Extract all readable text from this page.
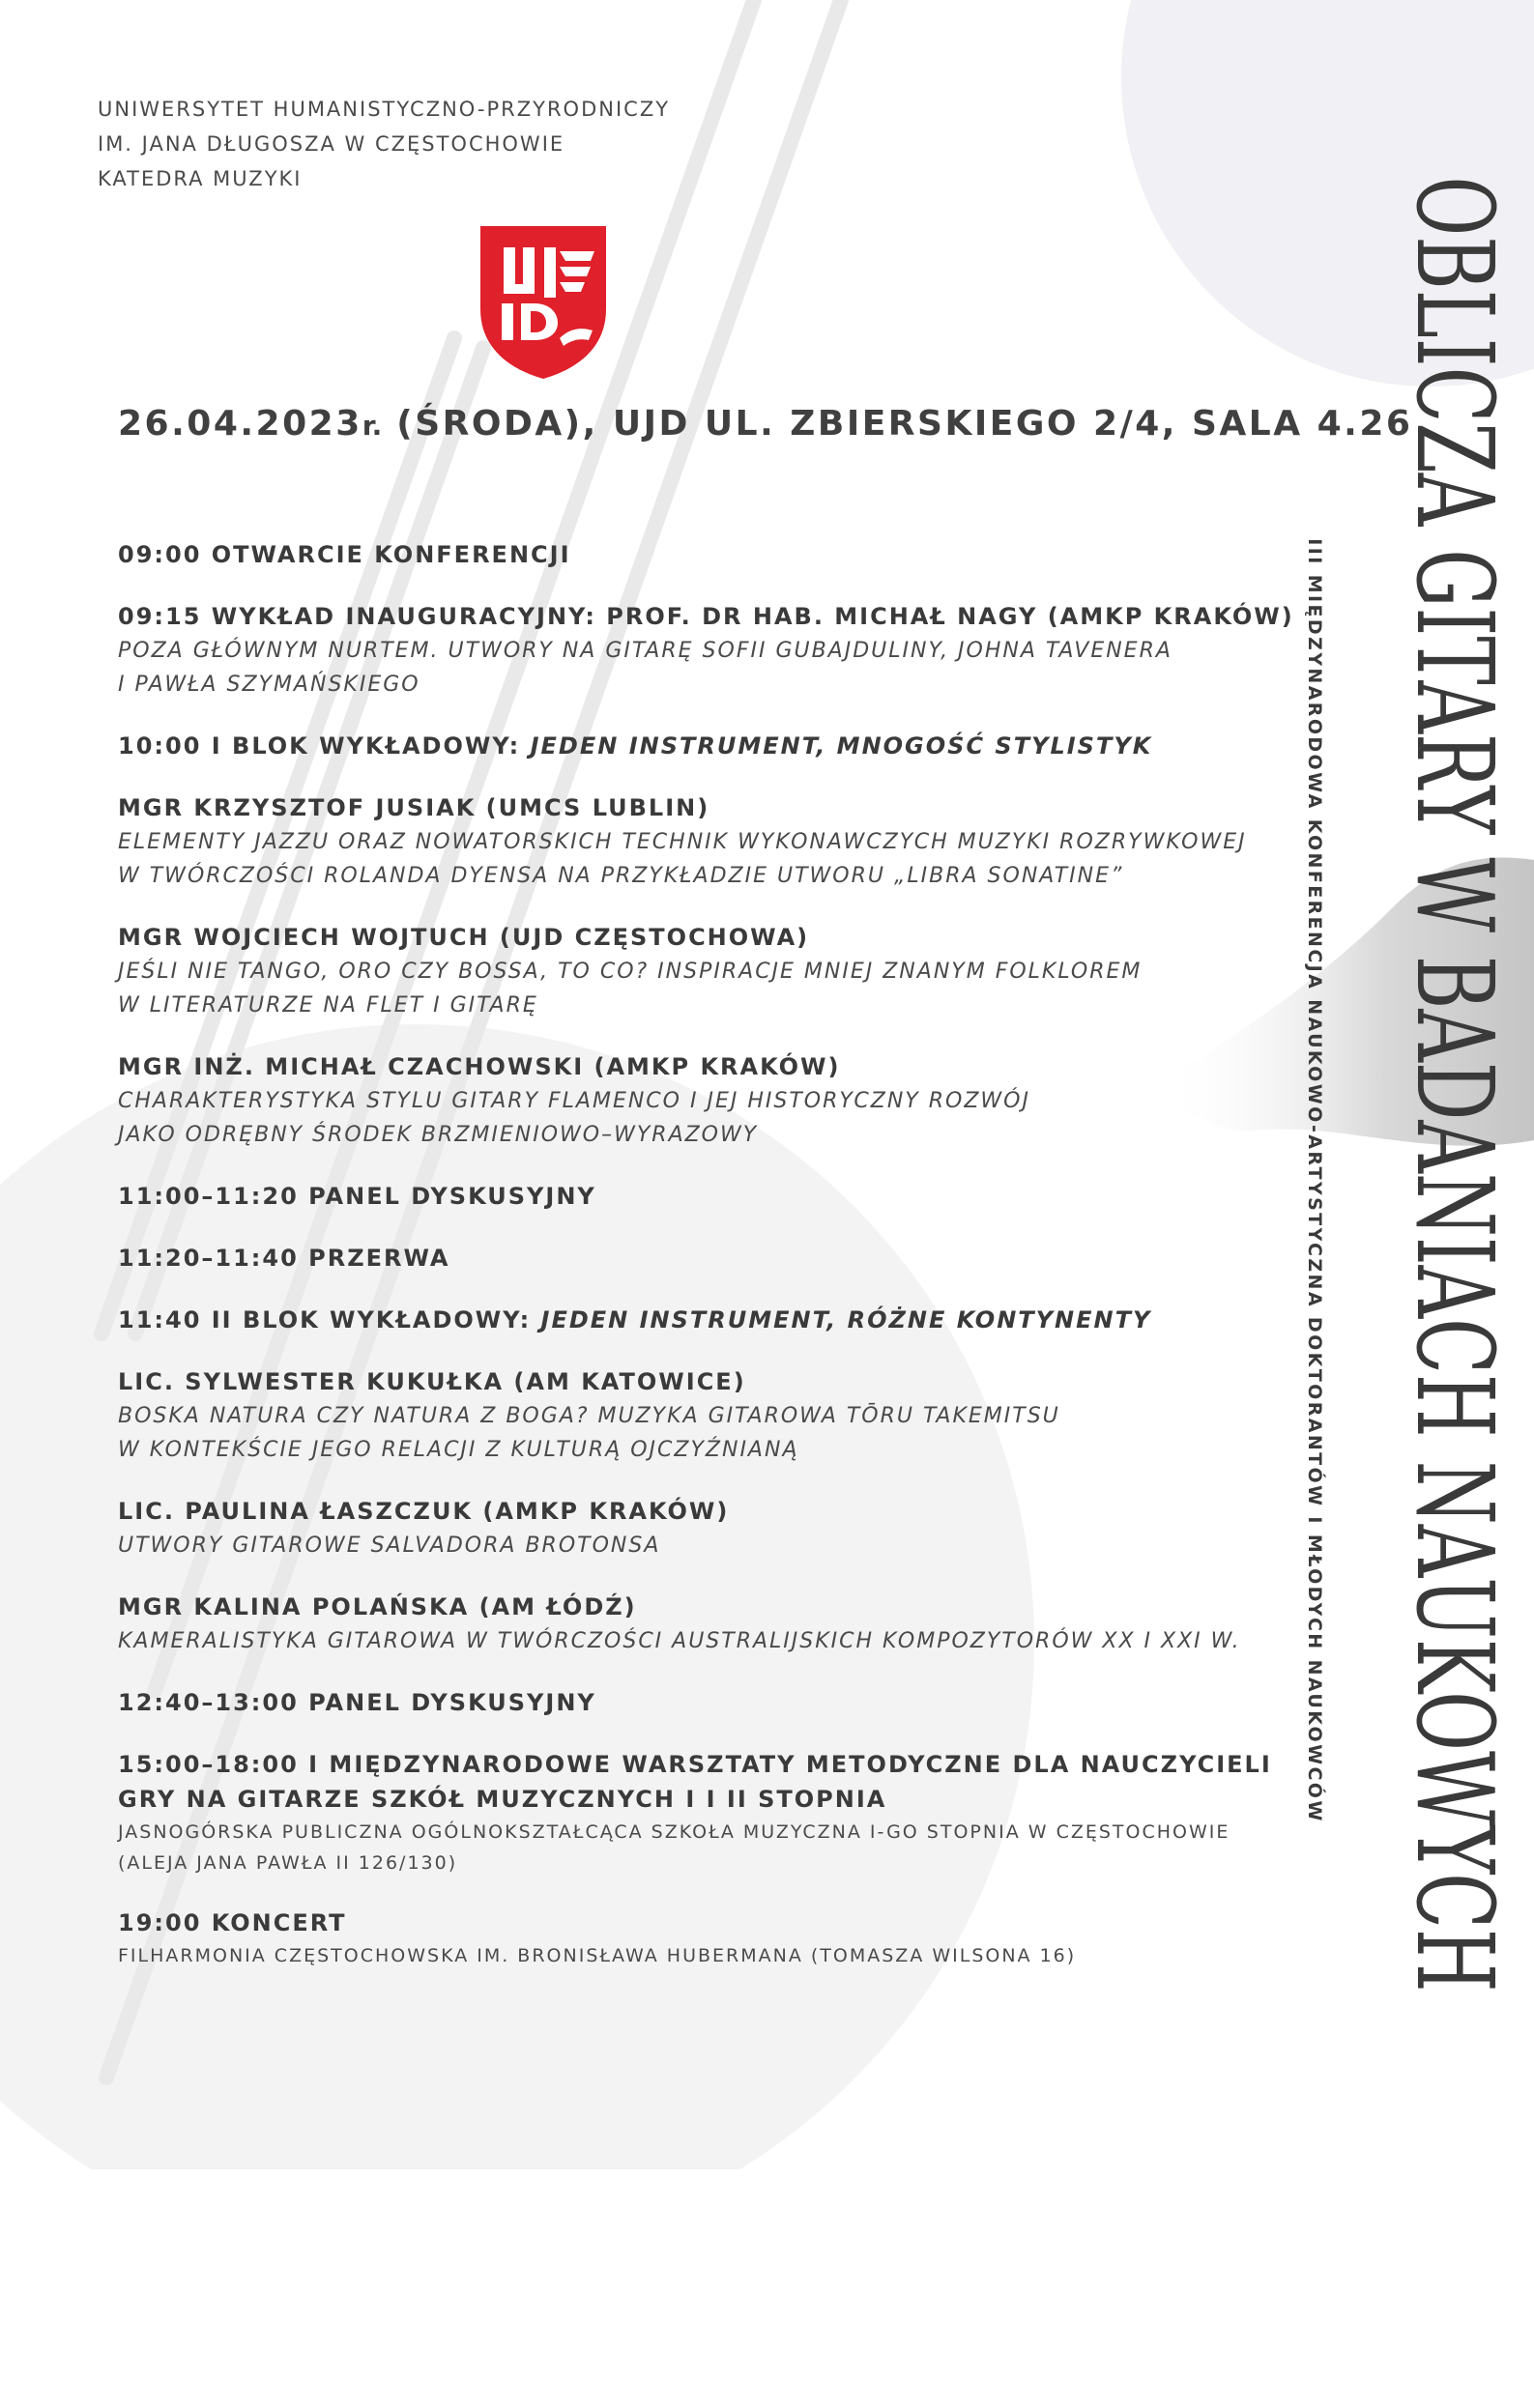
UNIWERSYTET HUMANISTYCZNO-PRZYRODNICZY
IM. JANA DŁUGOSZA W CZĘSTOCHOWIE
KATEDRA MUZYKI
26.04.2023r. (ŚRODA), UJD UL. ZBIERSKIEGO 2/4, SALA 4.26
09:00 OTWARCIE KONFERENCJI
09:15 WYKŁAD INAUGURACYJNY: PROF. DR HAB. MICHAŁ NAGY (AMKP KRAKÓW)
POZA GŁÓWNYM NURTEM. UTWORY NA GITARĘ SOFII GUBAJDULINY, JOHNA TAVENERA
I PAWŁA SZYMAŃSKIEGO
10:00 I BLOK WYKŁADOWY: JEDEN INSTRUMENT, MNOGOŚĆ STYLISTYK
MGR KRZYSZTOF JUSIAK (UMCS LUBLIN)
ELEMENTY JAZZU ORAZ NOWATORSKICH TECHNIK WYKONAWCZYCH MUZYKI ROZRYWKOWEJ
W TWÓRCZOŚCI ROLANDA DYENSA NA PRZYKŁADZIE UTWORU „LIBRA SONATINE”
MGR WOJCIECH WOJTUCH (UJD CZĘSTOCHOWA)
JEŚLI NIE TANGO, ORO CZY BOSSA, TO CO? INSPIRACJE MNIEJ ZNANYM FOLKLOREM
W LITERATURZE NA FLET I GITARĘ
MGR INŻ. MICHAŁ CZACHOWSKI (AMKP KRAKÓW)
CHARAKTERYSTYKA STYLU GITARY FLAMENCO I JEJ HISTORYCZNY ROZWÓJ
JAKO ODRĘBNY ŚRODEK BRZMIENIOWO–WYRAZOWY
11:00–11:20 PANEL DYSKUSYJNY
11:20–11:40 PRZERWA
11:40 II BLOK WYKŁADOWY: JEDEN INSTRUMENT, RÓŻNE KONTYNENTY
LIC. SYLWESTER KUKUŁKA (AM KATOWICE)
BOSKA NATURA CZY NATURA Z BOGA? MUZYKA GITAROWA TŌRU TAKEMITSU
W KONTEKŚCIE JEGO RELACJI Z KULTURĄ OJCZYŹNIANĄ
LIC. PAULINA ŁASZCZUK (AMKP KRAKÓW)
UTWORY GITAROWE SALVADORA BROTONSA
MGR KALINA POLAŃSKA (AM ŁÓDŹ)
KAMERALISTYKA GITAROWA W TWÓRCZOŚCI AUSTRALIJSKICH KOMPOZYTORÓW XX I XXI W.
12:40–13:00 PANEL DYSKUSYJNY
15:00–18:00 I MIĘDZYNARODOWE WARSZTATY METODYCZNE DLA NAUCZYCIELI
GRY NA GITARZE SZKÓŁ MUZYCZNYCH I I II STOPNIA
JASNOGÓRSKA PUBLICZNA OGÓLNOKSZTAŁCĄCA SZKOŁA MUZYCZNA I-GO STOPNIA W CZĘSTOCHOWIE
(ALEJA JANA PAWŁA II 126/130)
19:00 KONCERT
FILHARMONIA CZĘSTOCHOWSKA IM. BRONISŁAWA HUBERMANA (TOMASZA WILSONA 16)	OBLICZA GITARY W BADANIACH NAUKOWYCH
III MIĘDZYNARODOWA KONFERENCJA NAUKOWO-ARTYSTYCZNA DOKTORANTÓW I MŁODYCH NAUKOWCÓW
